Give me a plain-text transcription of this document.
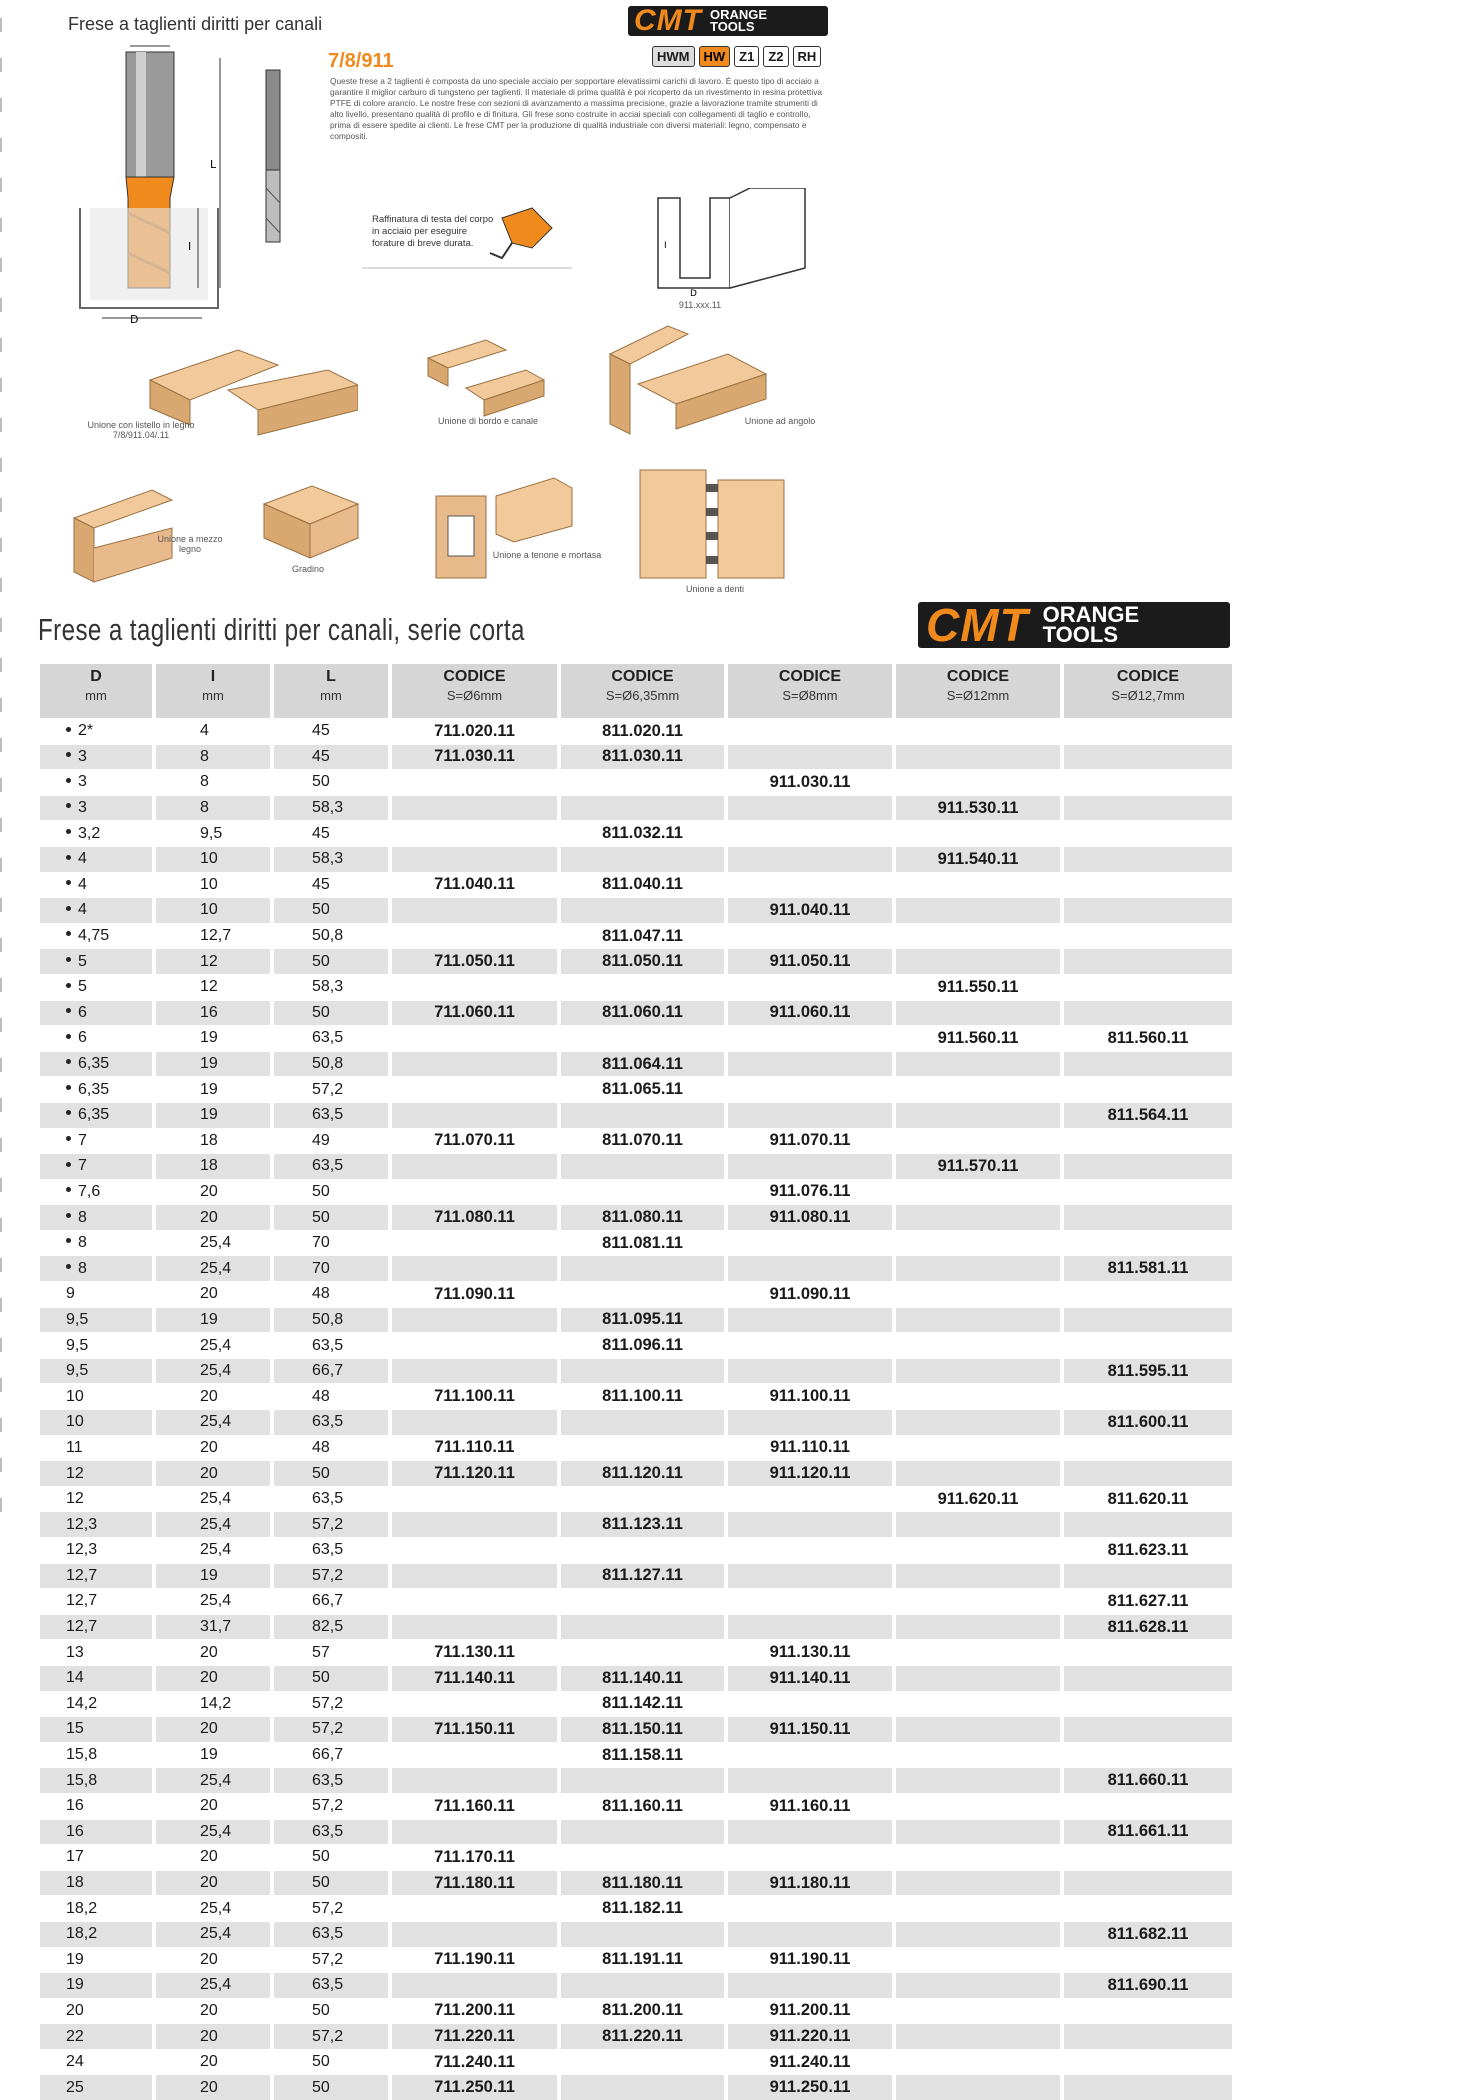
Frese a taglienti diritti per canali	CMT ORANGE
TOOLS
7/8/911	HWM	HW	Z1	Z2	RH
Queste frese a 2 taglienti è composta da uno speciale acciaio per sopportare elevatissimi carichi di lavoro. È questo tipo di acciaio a garantire il miglior carburo di tungsteno per taglienti. Il materiale di prima qualità è poi ricoperto da un rivestimento in resina protettiva PTFE di colore arancio. Le nostre frese con sezioni di avanzamento a massima precisione, grazie a lavorazione tramite strumenti di alto livello, presentano qualità di profilo e di finitura. Gli frese sono costruite in acciai speciali con collegamenti di taglio e controllo, prima di essere spedite ai clienti. Le frese CMT per la produzione di qualità industriale con diversi materiali: legno, compensato e compositi.
L
I
D
Raffinatura di testa del corpo in acciaio per eseguire forature di breve durata.
D
I
911.xxx.11
Unione con listello in legno 7/8/911.04/.11
Unione di bordo e canale	Unione ad angolo
Unione a mezzo legno
Gradino
Unione a tenone e mortasa
Unione a denti
Frese a taglienti diritti per canali, serie corta	CMT ORANGE
TOOLS
D
mm	I
mm	L
mm	CODICE
S=Ø6mm	CODICE
S=Ø6,35mm	CODICE
S=Ø8mm	CODICE
S=Ø12mm	CODICE
S=Ø12,7mm

2*	4	45	711.020.11	811.020.11			
3	8	45	711.030.11	811.030.11			
3	8	50			911.030.11		
3	8	58,3				911.530.11	
3,2	9,5	45		811.032.11			
4	10	58,3				911.540.11	
4	10	45	711.040.11	811.040.11			
4	10	50			911.040.11		
4,75	12,7	50,8		811.047.11			
5	12	50	711.050.11	811.050.11	911.050.11		
5	12	58,3				911.550.11	
6	16	50	711.060.11	811.060.11	911.060.11		
6	19	63,5				911.560.11	811.560.11
6,35	19	50,8		811.064.11			
6,35	19	57,2		811.065.11			
6,35	19	63,5					811.564.11
7	18	49	711.070.11	811.070.11	911.070.11		
7	18	63,5				911.570.11	
7,6	20	50			911.076.11		
8	20	50	711.080.11	811.080.11	911.080.11		
8	25,4	70		811.081.11			
8	25,4	70					811.581.11
9	20	48	711.090.11		911.090.11		
9,5	19	50,8		811.095.11			
9,5	25,4	63,5		811.096.11			
9,5	25,4	66,7					811.595.11
10	20	48	711.100.11	811.100.11	911.100.11		
10	25,4	63,5					811.600.11
11	20	48	711.110.11		911.110.11		
12	20	50	711.120.11	811.120.11	911.120.11		
12	25,4	63,5				911.620.11	811.620.11
12,3	25,4	57,2		811.123.11			
12,3	25,4	63,5					811.623.11
12,7	19	57,2		811.127.11			
12,7	25,4	66,7					811.627.11
12,7	31,7	82,5					811.628.11
13	20	57	711.130.11		911.130.11		
14	20	50	711.140.11	811.140.11	911.140.11		
14,2	14,2	57,2		811.142.11			
15	20	57,2	711.150.11	811.150.11	911.150.11		
15,8	19	66,7		811.158.11			
15,8	25,4	63,5					811.660.11
16	20	57,2	711.160.11	811.160.11	911.160.11		
16	25,4	63,5					811.661.11
17	20	50	711.170.11				
18	20	50	711.180.11	811.180.11	911.180.11		
18,2	25,4	57,2		811.182.11			
18,2	25,4	63,5					811.682.11
19	20	57,2	711.190.11	811.191.11	911.190.11		
19	25,4	63,5					811.690.11
20	20	50	711.200.11	811.200.11	911.200.11		
22	20	57,2	711.220.11	811.220.11	911.220.11		
24	20	50	711.240.11		911.240.11		
25	20	50	711.250.11		911.250.11		
